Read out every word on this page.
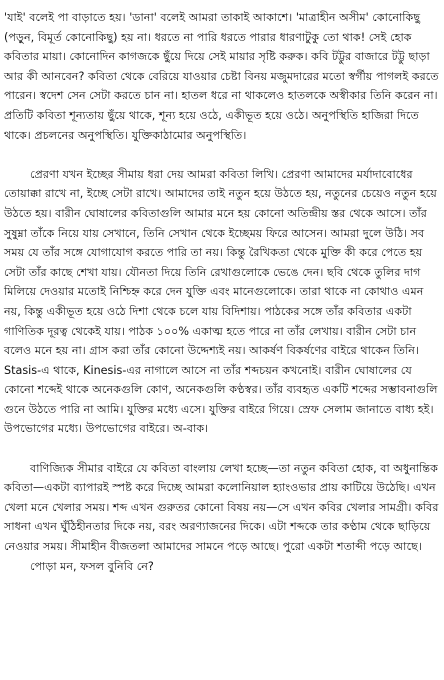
'যাই' বলেই পা বাড়াতে হয়। 'ডানা' বলেই আমরা তাকাই আকাশে। 'মাত্রাহীন অসীম' কোনোকিছু (পড়ুন, বিমূর্ত কোনোকিছু) হয় না। ধরতে না পারি ধরতে পারার ধারণাটুকু তো থাক! সেই হোক কবিতার মায়া। কোনোদিন কাগজকে ছুঁয়ে দিয়ে সেই মায়ার সৃষ্টি করুক। কবি টট্টুর বাজারে টট্টু ছাড়া আর কী আনবেন? কবিতা থেকে বেরিয়ে যাওয়ার চেষ্টা বিনয় মজুমদারের মতো স্বর্গীয় পাগলই করতে পারেন। স্বদেশ সেন সেটা করতে চান না। হাতল ধরে না থাকলেও হাতলকে অস্বীকার তিনি করেন না। প্রতিটি কবিতা শূন্যতায় ছুঁয়ে থাকে, শূন্য হয়ে ওঠে, একীভূত হয়ে ওঠে। অনুপস্থিতি হাজিরা দিতে থাকে। প্রচলনের অনুপস্থিতি। যুক্তিকাঠামোর অনুপস্থিতি।

প্রেরণা যখন ইচ্ছের সীমায় ধরা দেয় আমরা কবিতা লিখি। প্রেরণা আমাদের মর্যাদাবোধের তোয়াক্কা রাখে না, ইচ্ছে সেটা রাখে। আমাদের তাই নতুন হয়ে উঠতে হয়, নতুনের চেয়েও নতুন হয়ে উঠতে হয়। বারীন ঘোষালের কবিতাগুলি আমার মনে হয় কোনো অতিন্দ্রীয় স্তর থেকে আসে। তাঁর সুষুম্না তাঁকে নিয়ে যায় সেখানে, তিনি সেখান থেকে ইচ্ছেময় ফিরে আসেন। আমরা দুলে উঠি। সব সময় যে তাঁর সঙ্গে যোগাযোগ করতে পারি তা নয়। কিন্তু রৈখিকতা থেকে মুক্তি কী করে পেতে হয় সেটা তাঁর কাছে শেখা যায়। যৌনতা দিয়ে তিনি রেখাগুলোকে ভেঙে দেন। ছবি থেকে তুলির দাগ মিলিয়ে দেওয়ার মতোই নিশ্চিহ্ন করে দেন যুক্তি এবং মানেগুলোকে। তারা থাকে না কোথাও এমন নয়, কিন্তু একীভূত হয়ে ওঠে দিশা থেকে চলে যায় বিদিশায়। পাঠকের সঙ্গে তাঁর কবিতার একটা গাণিতিক দূরত্ব থেকেই যায়। পাঠক ১০০% একাত্ম হতে পারে না তাঁর লেখায়। বারীন সেটা চান বলেও মনে হয় না। গ্রাস করা তাঁর কোনো উদ্দেশ্যই নয়। আকর্ষণ বিকর্ষণের বাইরে থাকেন তিনি। Stasis-এ থাকে, Kinesis-এর নাগালে আসে না তাঁর শব্দচয়ন কখনোই। বারীন ঘোষালের যে কোনো শব্দেই থাকে অনেকগুলি কোণ, অনেকগুলি কণ্ঠস্বর। তাঁর ব্যবহৃত একটি শব্দের সম্ভাবনাগুলি গুনে উঠতে পারি না আমি। যুক্তির মধ্যে এসে। যুক্তির বাইরে গিয়ে। স্রেফ সেলাম জানাতে বাধ্য হই। উপভোগের মধ্যে। উপভোগের বাইরে। অ-বাক।

বাণিজ্যিক সীমার বাইরে যে কবিতা বাংলায় লেখা হচ্ছে—তা নতুন কবিতা হোক, বা অধুনান্তিক কবিতা—একটা ব্যাপারই স্পষ্ট করে দিচ্ছে আমরা কলোনিয়াল হ্যাংওভার প্রায় কাটিয়ে উঠেছি। এখন খেলা মনে খেলার সময়। শব্দ এখন গুরুতর কোনো বিষয় নয়—সে এখন কবির খেলার সামগ্রী। কবির সাধনা এখন ঘুঁঠিহীনতার দিকে নয়, বরং অরণ্যাজনের দিকে। এটা শব্দকে তার কণ্ঠাম থেকে ছাড়িয়ে নেওয়ার সময়। সীমাহীন বীজতলা আমাদের সামনে পড়ে আছে। পুরো একটা শতাব্দী পড়ে আছে।

পোড়া মন, ফসল বুনিবি নে?
